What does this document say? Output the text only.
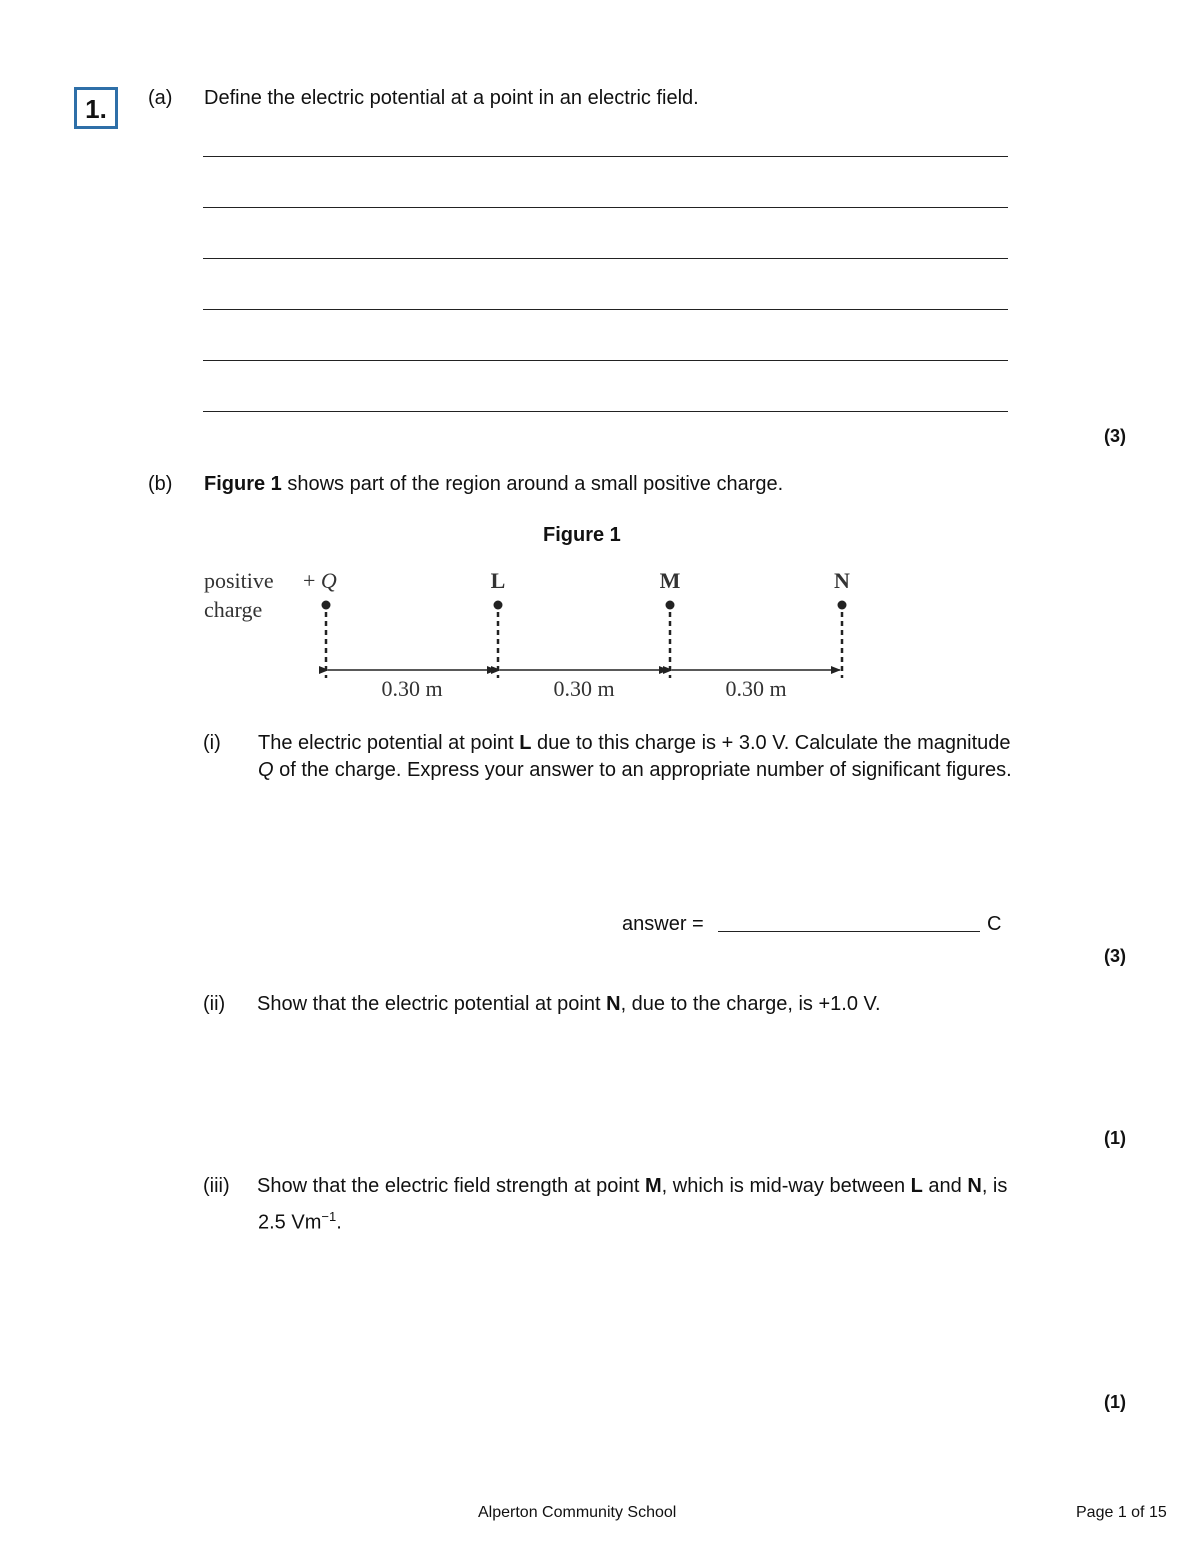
1.	(a) Define the electric potential at a point in an electric field.
(3)
(b) Figure 1 shows part of the region around a small positive charge.
Figure 1
positive
charge
+ Q	L	M	N
0.30 m	0.30 m	0.30 m
(i) The electric potential at point L due to this charge is + 3.0 V. Calculate the magnitude
Q of the charge. Express your answer to an appropriate number of significant figures.
answer =	C
(3)
(ii) Show that the electric potential at point N, due to the charge, is +1.0 V.
(1)
(iii) Show that the electric field strength at point M, which is mid-way between L and N, is
2.5 $Vm^{-1}$.
(1)
Alperton Community School	Page 1 of 15
